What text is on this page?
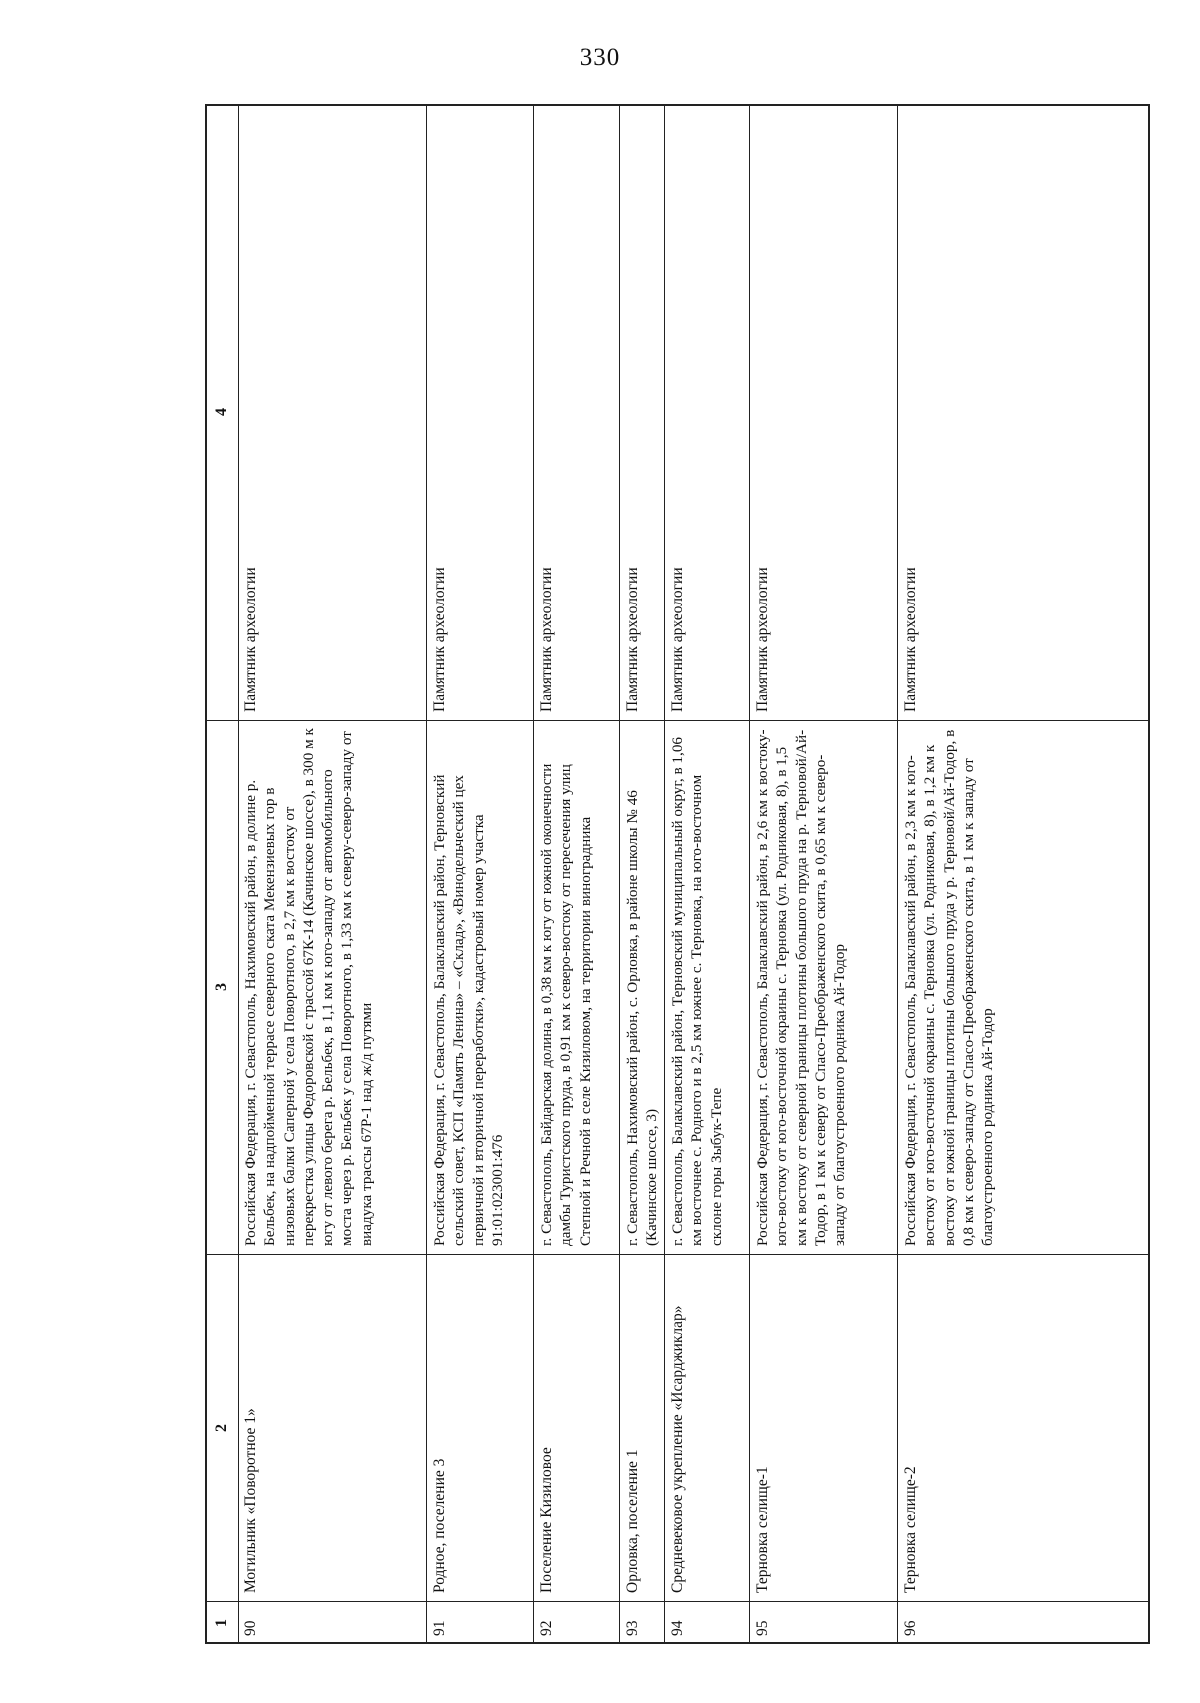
330
1
2
3
4
90
Могильник «Поворотное 1»
Российская Федерация, г. Севастополь, Нахимовский район, в долине р. Бельбек, на надпойменной террасе северного ската Мекензиевых гор в низовьях балки Саперной у села Поворотного, в 2,7 км к востоку от перекрестка улицы Федоровской с трассой 67К-14 (Качинское шоссе), в 300 м к югу от левого берега р. Бельбек, в 1,1 км к юго-западу от автомобильного моста через р. Бельбек у села Поворотного, в 1,33 км к северу-северо-западу от виадука трассы 67Р-1 над ж/д путями
Памятник археологии
91
Родное, поселение 3
Российская Федерация, г. Севастополь, Балаклавский район, Терновский сельский совет, КСП «Память Ленина» – «Склад», «Винодельческий цех первичной и вторичной переработки», кадастровый номер участка 91:01:023001:476
Памятник археологии
92
Поселение Кизиловое
г. Севастополь, Байдарская долина, в 0,38 км к югу от южной оконечности дамбы Туристского пруда, в 0,91 км к северо-востоку от пересечения улиц Степной и Речной в селе Кизиловом, на территории виноградника
Памятник археологии
93
Орловка, поселение 1
г. Севастополь, Нахимовский район, с. Орловка, в районе школы № 46 (Качинское шоссе, 3)
Памятник археологии
94
Средневековое укрепление «Исарджиклар»
г. Севастополь, Балаклавский район, Терновский муниципальный округ, в 1,06 км восточнее с. Родного и в 2,5 км южнее с. Терновка, на юго-восточном склоне горы Зыбук-Тепе
Памятник археологии
95
Терновка селище-1
Российская Федерация, г. Севастополь, Балаклавский район, в 2,6 км к востоку-юго-востоку от юго-восточной окраины с. Терновка (ул. Родниковая, 8), в 1,5 км к востоку от северной границы плотины большого пруда на р. Терновой/Ай-Тодор, в 1 км к северу от Спасо-Преображенского скита, в 0,65 км к северо-западу от благоустроенного родника Ай-Тодор
Памятник археологии
96
Терновка селище-2
Российская Федерация, г. Севастополь, Балаклавский район, в 2,3 км к юго-востоку от юго-восточной окраины с. Терновка (ул. Родниковая, 8), в 1,2 км к востоку от южной границы плотины большого пруда у р. Терновой/Ай-Тодор, в 0,8 км к северо-западу от Спасо-Преображенского скита, в 1 км к западу от благоустроенного родника Ай-Тодор
Памятник археологии
